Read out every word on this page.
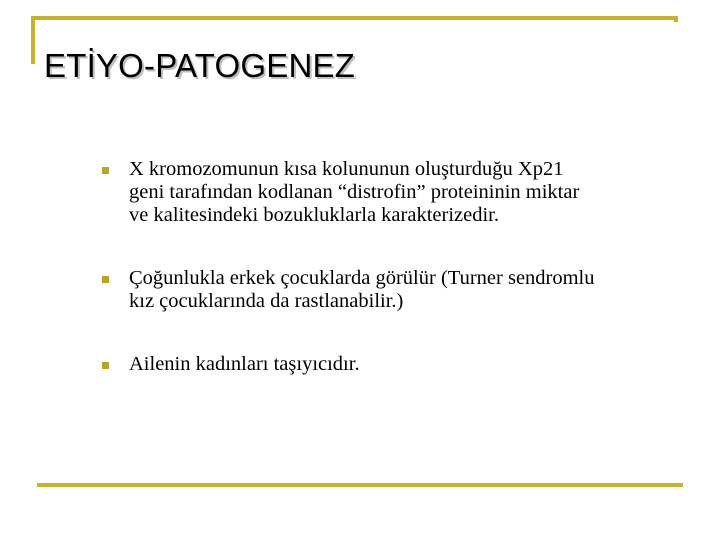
ETİYO-PATOGENEZ
X kromozomunun kısa kolununun oluşturduğu Xp21
geni tarafından kodlanan “distrofin” proteininin miktar
ve kalitesindeki bozukluklarla karakterizedir.
Çoğunlukla erkek çocuklarda görülür (Turner sendromlu
kız çocuklarında da rastlanabilir.)
Ailenin kadınları taşıyıcıdır.
